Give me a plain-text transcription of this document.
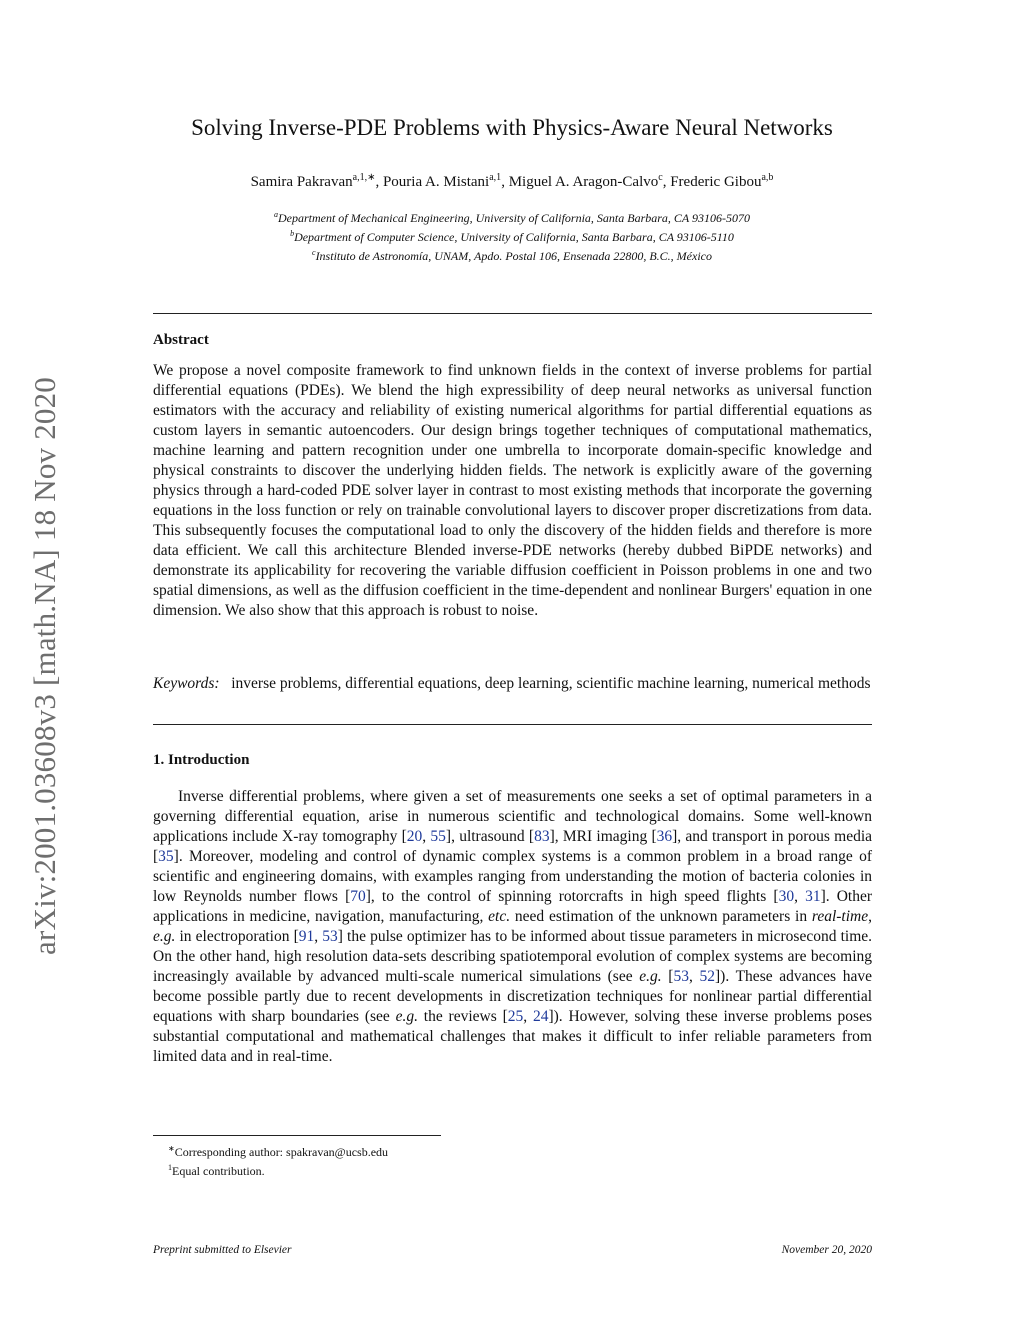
arXiv:2001.03608v3 [math.NA] 18 Nov 2020
Solving Inverse-PDE Problems with Physics-Aware Neural Networks
Samira Pakravan$^{a,1,∗}$, Pouria A. Mistani$^{a,1}$, Miguel A. Aragon-Calvo$^c$, Frederic Gibou$^{a,b}$
$^a$Department of Mechanical Engineering, University of California, Santa Barbara, CA 93106-5070
$^b$Department of Computer Science, University of California, Santa Barbara, CA 93106-5110
$^c$Instituto de Astronomía, UNAM, Apdo. Postal 106, Ensenada 22800, B.C., México
Abstract
We propose a novel composite framework to find unknown fields in the context of inverse problems for partial differential equations (PDEs). We blend the high expressibility of deep neural networks as universal function estimators with the accuracy and reliability of existing numerical algorithms for partial differential equations as custom layers in semantic autoencoders. Our design brings together techniques of computational mathematics, machine learning and pattern recognition under one umbrella to incorporate domain-specific knowledge and physical constraints to discover the underlying hidden fields. The network is explicitly aware of the governing physics through a hard-coded PDE solver layer in contrast to most existing methods that incorporate the governing equations in the loss function or rely on trainable convolutional layers to discover proper discretizations from data. This subsequently focuses the computational load to only the discovery of the hidden fields and therefore is more data efficient. We call this architecture Blended inverse-PDE networks (hereby dubbed BiPDE networks) and demonstrate its applicability for recovering the variable diffusion coefficient in Poisson problems in one and two spatial dimensions, as well as the diffusion coefficient in the time-dependent and nonlinear Burgers' equation in one dimension. We also show that this approach is robust to noise.
Keywords: inverse problems, differential equations, deep learning, scientific machine learning, numerical methods
1. Introduction
Inverse differential problems, where given a set of measurements one seeks a set of optimal parameters in a governing differential equation, arise in numerous scientific and technological domains. Some well-known applications include X-ray tomography [20, 55], ultrasound [83], MRI imaging [36], and transport in porous media [35]. Moreover, modeling and control of dynamic complex systems is a common problem in a broad range of scientific and engineering domains, with examples ranging from understanding the motion of bacteria colonies in low Reynolds number flows [70], to the control of spinning rotorcrafts in high speed flights [30, 31]. Other applications in medicine, navigation, manufacturing, etc. need estimation of the unknown parameters in real-time, e.g. in electroporation [91, 53] the pulse optimizer has to be informed about tissue parameters in microsecond time. On the other hand, high resolution data-sets describing spatiotemporal evolution of complex systems are becoming increasingly available by advanced multi-scale numerical simulations (see e.g. [53, 52]). These advances have become possible partly due to recent developments in discretization techniques for nonlinear partial differential equations with sharp boundaries (see e.g. the reviews [25, 24]). However, solving these inverse problems poses substantial computational and mathematical challenges that makes it difficult to infer reliable parameters from limited data and in real-time.
∗Corresponding author: spakravan@ucsb.edu
$^1$Equal contribution.
Preprint submitted to Elsevier	November 20, 2020
